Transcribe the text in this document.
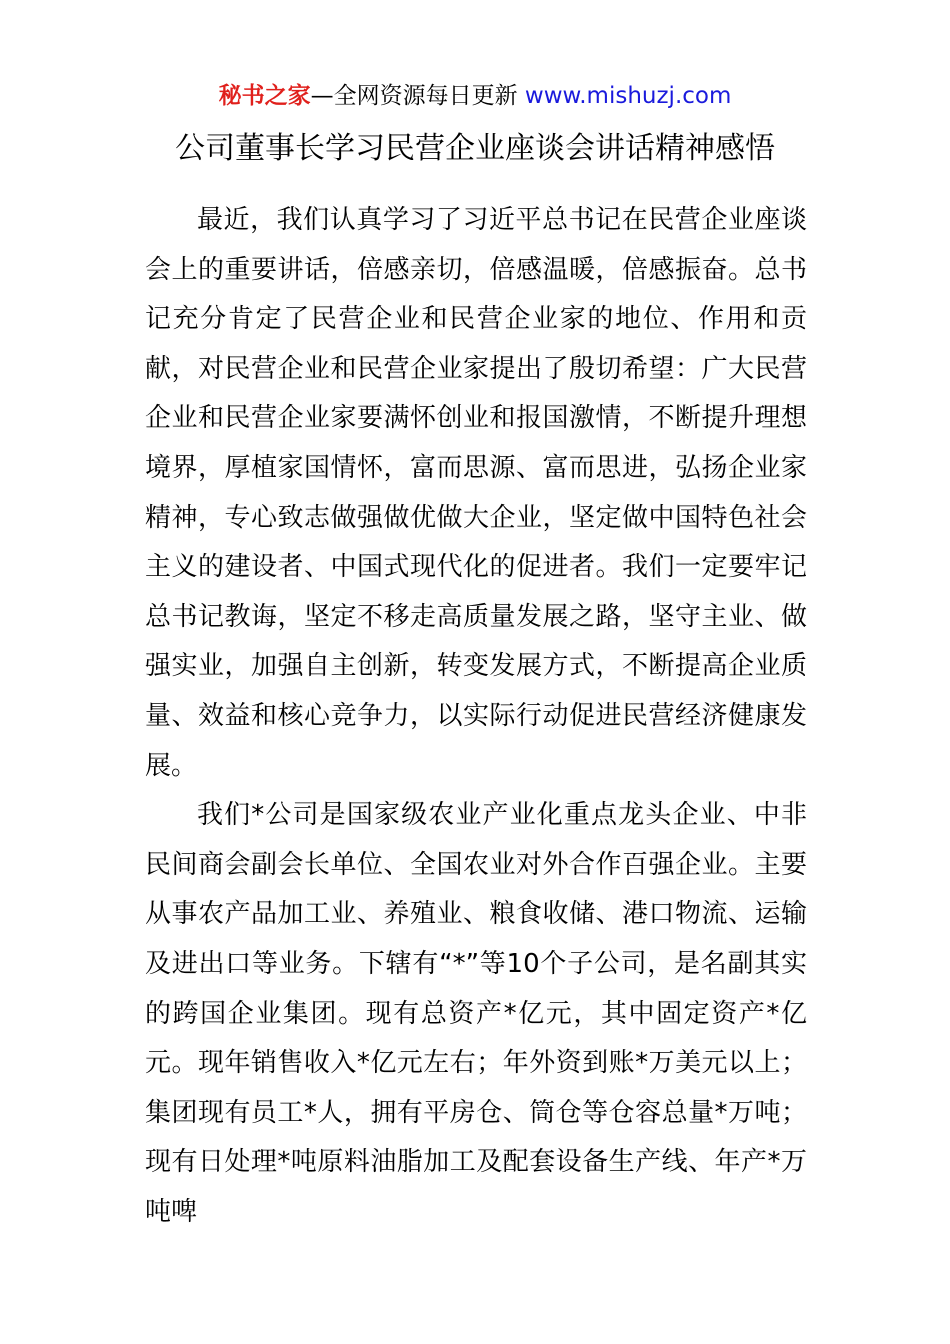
秘书之家—全网资源每日更新 www.mishuzj.com
公司董事长学习民营企业座谈会讲话精神感悟

最近，我们认真学习了习近平总书记在民营企业座谈会上的重要讲话，倍感亲切，倍感温暖，倍感振奋。总书记充分肯定了民营企业和民营企业家的地位、作用和贡献，对民营企业和民营企业家提出了殷切希望：广大民营企业和民营企业家要满怀创业和报国激情，不断提升理想境界，厚植家国情怀，富而思源、富而思进，弘扬企业家精神，专心致志做强做优做大企业，坚定做中国特色社会主义的建设者、中国式现代化的促进者。我们一定要牢记总书记教诲，坚定不移走高质量发展之路，坚守主业、做强实业，加强自主创新，转变发展方式，不断提高企业质量、效益和核心竞争力，以实际行动促进民营经济健康发展。

我们*公司是国家级农业产业化重点龙头企业、中非民间商会副会长单位、全国农业对外合作百强企业。主要从事农产品加工业、养殖业、粮食收储、港口物流、运输及进出口等业务。下辖有“*”等10个子公司，是名副其实的跨国企业集团。现有总资产*亿元，其中固定资产*亿元。现年销售收入*亿元左右；年外资到账*万美元以上；集团现有员工*人，拥有平房仓、筒仓等仓容总量*万吨；现有日处理*吨原料油脂加工及配套设备生产线、年产*万吨啤
